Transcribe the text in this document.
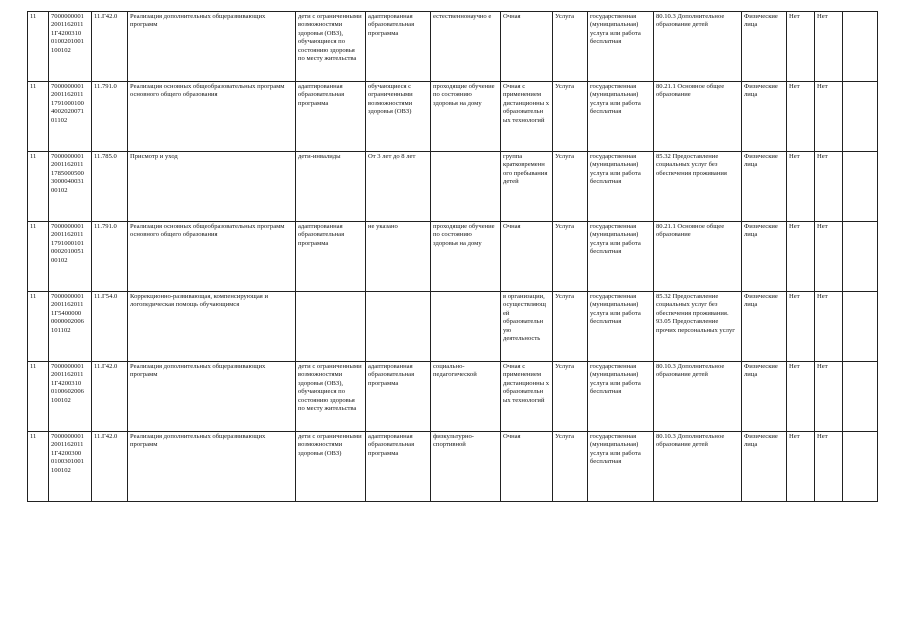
11	7000000001 2001162011 1Г4200310 0100201001 100102	11.Г42.0	Реализация дополнительных общеразвивающих программ	дети с ограниченными возможностями здоровья (ОВЗ), обучающиеся по состоянию здоровья по месту жительства	адаптированная образовательная программа	естественнонаучно е	Очная	Услуга	государственная (муниципальная) услуга или работа бесплатная	80.10.3 Дополнительное образование детей	Физические лица	Нет	Нет	
11	7000000001 2001162011 1791000100 4002020071 01102	11.791.0	Реализация основных общеобразовательных программ основного общего образования	адаптированная образовательная программа	обучающиеся с ограниченными возможностями здоровья (ОВЗ)	проходящие обучение по состоянию здоровья на дому	Очная с применением дистанционны х образовательн ых технологий	Услуга	государственная (муниципальная) услуга или работа бесплатная	80.21.1 Основное общее образование	Физические лица	Нет	Нет	
11	7000000001 2001162011 1785000500 3000040031 00102	11.785.0	Присмотр и уход	дети-инвалиды	От 3 лет до 8 лет		группа кратковременн ого пребывания детей	Услуга	государственная (муниципальная) услуга или работа бесплатная	85.32 Предоставление социальных услуг без обеспечения проживания	Физические лица	Нет	Нет	
11	7000000001 2001162011 1791000101 0002010051 00102	11.791.0	Реализация основных общеобразовательных программ основного общего образования	адаптированная образовательная программа	не указано	проходящие обучение по состоянию здоровья на дому	Очная	Услуга	государственная (муниципальная) услуга или работа бесплатная	80.21.1 Основное общее образование	Физические лица	Нет	Нет	
11	7000000001 2001162011 1Г5400000 0000002006 101102	11.Г54.0	Коррекционно-развивающая, компенсирующая и логопедическая помощь обучающимся				в организации, осуществляющ ей образовательн ую деятельность	Услуга	государственная (муниципальная) услуга или работа бесплатная	85.32 Предоставление социальных услуг без обеспечения проживания. 93.05 Предоставление прочих персональных услуг	Физические лица	Нет	Нет	
11	7000000001 2001162011 1Г4200310 0100602006 100102	11.Г42.0	Реализация дополнительных общеразвивающих программ	дети с ограниченными возможностями здоровья (ОВЗ), обучающиеся по состоянию здоровья по месту жительства	адаптированная образовательная программа	социально-педагогической	Очная с применением дистанционны х образовательн ых технологий	Услуга	государственная (муниципальная) услуга или работа бесплатная	80.10.3 Дополнительное образование детей	Физические лица	Нет	Нет	
11	7000000001 2001162011 1Г4200300 0100301001 100102	11.Г42.0	Реализация дополнительных общеразвивающих программ	дети с ограниченными возможностями здоровья (ОВЗ)	адаптированная образовательная программа	физкультурно-спортивной	Очная	Услуга	государственная (муниципальная) услуга или работа бесплатная	80.10.3 Дополнительное образование детей	Физические лица	Нет	Нет	
